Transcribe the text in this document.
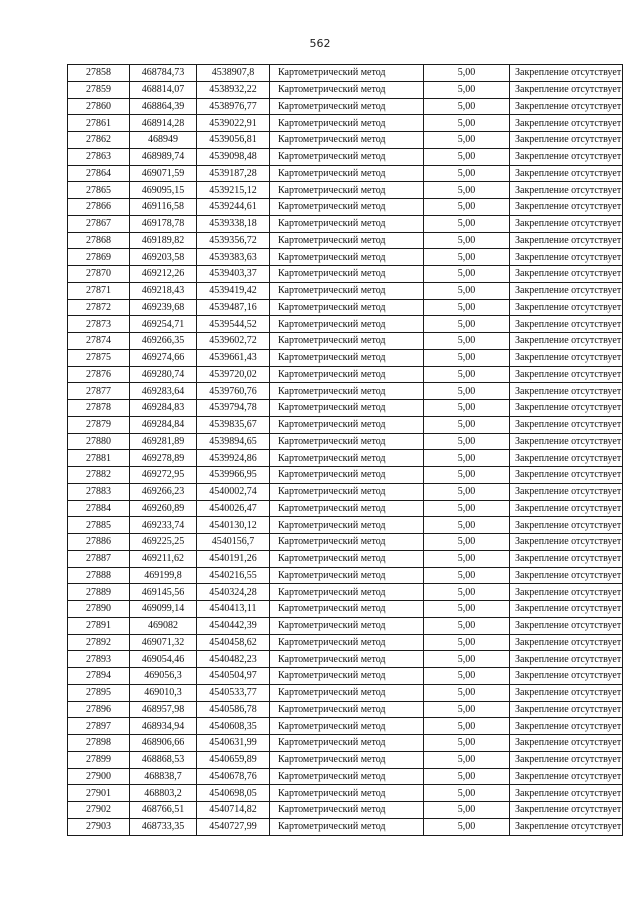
562
27858	468784,73	4538907,8	Картометрический метод	5,00	Закрепление отсутствует
27859	468814,07	4538932,22	Картометрический метод	5,00	Закрепление отсутствует
27860	468864,39	4538976,77	Картометрический метод	5,00	Закрепление отсутствует
27861	468914,28	4539022,91	Картометрический метод	5,00	Закрепление отсутствует
27862	468949	4539056,81	Картометрический метод	5,00	Закрепление отсутствует
27863	468989,74	4539098,48	Картометрический метод	5,00	Закрепление отсутствует
27864	469071,59	4539187,28	Картометрический метод	5,00	Закрепление отсутствует
27865	469095,15	4539215,12	Картометрический метод	5,00	Закрепление отсутствует
27866	469116,58	4539244,61	Картометрический метод	5,00	Закрепление отсутствует
27867	469178,78	4539338,18	Картометрический метод	5,00	Закрепление отсутствует
27868	469189,82	4539356,72	Картометрический метод	5,00	Закрепление отсутствует
27869	469203,58	4539383,63	Картометрический метод	5,00	Закрепление отсутствует
27870	469212,26	4539403,37	Картометрический метод	5,00	Закрепление отсутствует
27871	469218,43	4539419,42	Картометрический метод	5,00	Закрепление отсутствует
27872	469239,68	4539487,16	Картометрический метод	5,00	Закрепление отсутствует
27873	469254,71	4539544,52	Картометрический метод	5,00	Закрепление отсутствует
27874	469266,35	4539602,72	Картометрический метод	5,00	Закрепление отсутствует
27875	469274,66	4539661,43	Картометрический метод	5,00	Закрепление отсутствует
27876	469280,74	4539720,02	Картометрический метод	5,00	Закрепление отсутствует
27877	469283,64	4539760,76	Картометрический метод	5,00	Закрепление отсутствует
27878	469284,83	4539794,78	Картометрический метод	5,00	Закрепление отсутствует
27879	469284,84	4539835,67	Картометрический метод	5,00	Закрепление отсутствует
27880	469281,89	4539894,65	Картометрический метод	5,00	Закрепление отсутствует
27881	469278,89	4539924,86	Картометрический метод	5,00	Закрепление отсутствует
27882	469272,95	4539966,95	Картометрический метод	5,00	Закрепление отсутствует
27883	469266,23	4540002,74	Картометрический метод	5,00	Закрепление отсутствует
27884	469260,89	4540026,47	Картометрический метод	5,00	Закрепление отсутствует
27885	469233,74	4540130,12	Картометрический метод	5,00	Закрепление отсутствует
27886	469225,25	4540156,7	Картометрический метод	5,00	Закрепление отсутствует
27887	469211,62	4540191,26	Картометрический метод	5,00	Закрепление отсутствует
27888	469199,8	4540216,55	Картометрический метод	5,00	Закрепление отсутствует
27889	469145,56	4540324,28	Картометрический метод	5,00	Закрепление отсутствует
27890	469099,14	4540413,11	Картометрический метод	5,00	Закрепление отсутствует
27891	469082	4540442,39	Картометрический метод	5,00	Закрепление отсутствует
27892	469071,32	4540458,62	Картометрический метод	5,00	Закрепление отсутствует
27893	469054,46	4540482,23	Картометрический метод	5,00	Закрепление отсутствует
27894	469056,3	4540504,97	Картометрический метод	5,00	Закрепление отсутствует
27895	469010,3	4540533,77	Картометрический метод	5,00	Закрепление отсутствует
27896	468957,98	4540586,78	Картометрический метод	5,00	Закрепление отсутствует
27897	468934,94	4540608,35	Картометрический метод	5,00	Закрепление отсутствует
27898	468906,66	4540631,99	Картометрический метод	5,00	Закрепление отсутствует
27899	468868,53	4540659,89	Картометрический метод	5,00	Закрепление отсутствует
27900	468838,7	4540678,76	Картометрический метод	5,00	Закрепление отсутствует
27901	468803,2	4540698,05	Картометрический метод	5,00	Закрепление отсутствует
27902	468766,51	4540714,82	Картометрический метод	5,00	Закрепление отсутствует
27903	468733,35	4540727,99	Картометрический метод	5,00	Закрепление отсутствует
